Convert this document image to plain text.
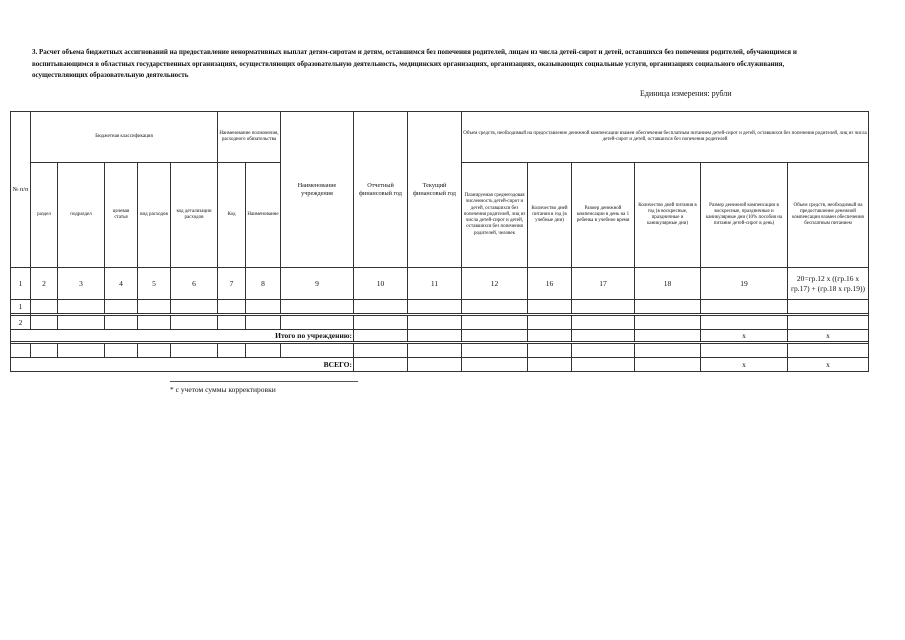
3. Расчет объема бюджетных ассигнований на предоставление ненормативных выплат детям-сиротам и детям, оставшимся без попечения родителей, лицам из числа детей-сирот и детей, оставшихся без попечения родителей, обучающимся и воспитывающимся в областных государственных организациях, осуществляющих образовательную деятельность, медицинских организациях, организациях, оказывающих социальные услуги, организациях социального обслуживания, осуществляющих образовательную деятельность
Единица измерения: рубли
№ п/п	Бюджетная классификация					Наименование полномочия, расходного обязательства		Наименование учреждения	Отчетный финансовый год	Текущий финансовый год	Объем средств, необходимый на предоставление денежной компенсации взамен обеспечения бесплатным питанием детей-сирот и детей, оставшихся без попечения родителей, лиц из числа детей-сирот и детей, оставшихся без попечения родителей					
	раздел	подраздел	целевая статья	вид расходов	код детализации расходов	Код	Наименование				Планируемая среднегодовая численность детей-сирот и детей, оставшихся без попечения родителей, лиц из числа детей-сирот и детей, оставшихся без попечения родителей, человек	Количество дней питания в год (в учебные дни)	Размер денежной компенсации в день на 1 ребенка в учебное время	Количество дней питания в год (в воскресные, праздничные и каникулярные дни)	Размер денежной компенсации в воскресные, праздничные и каникулярные дни (10% пособия на питание детей-сирот в день)	Объем средств, необходимый на предоставление денежной компенсации взамен обеспечения бесплатным питанием
1	2	3	4	5	6	7	8	9	10	11	12	16	17	18	19	20=гр.12 x ((гр.16 x гр.17) + (гр.18 x гр.19))
1																

2																
Итого по учреждению:															x	x

ВСЕГО:															x	x
* с учетом суммы корректировки
